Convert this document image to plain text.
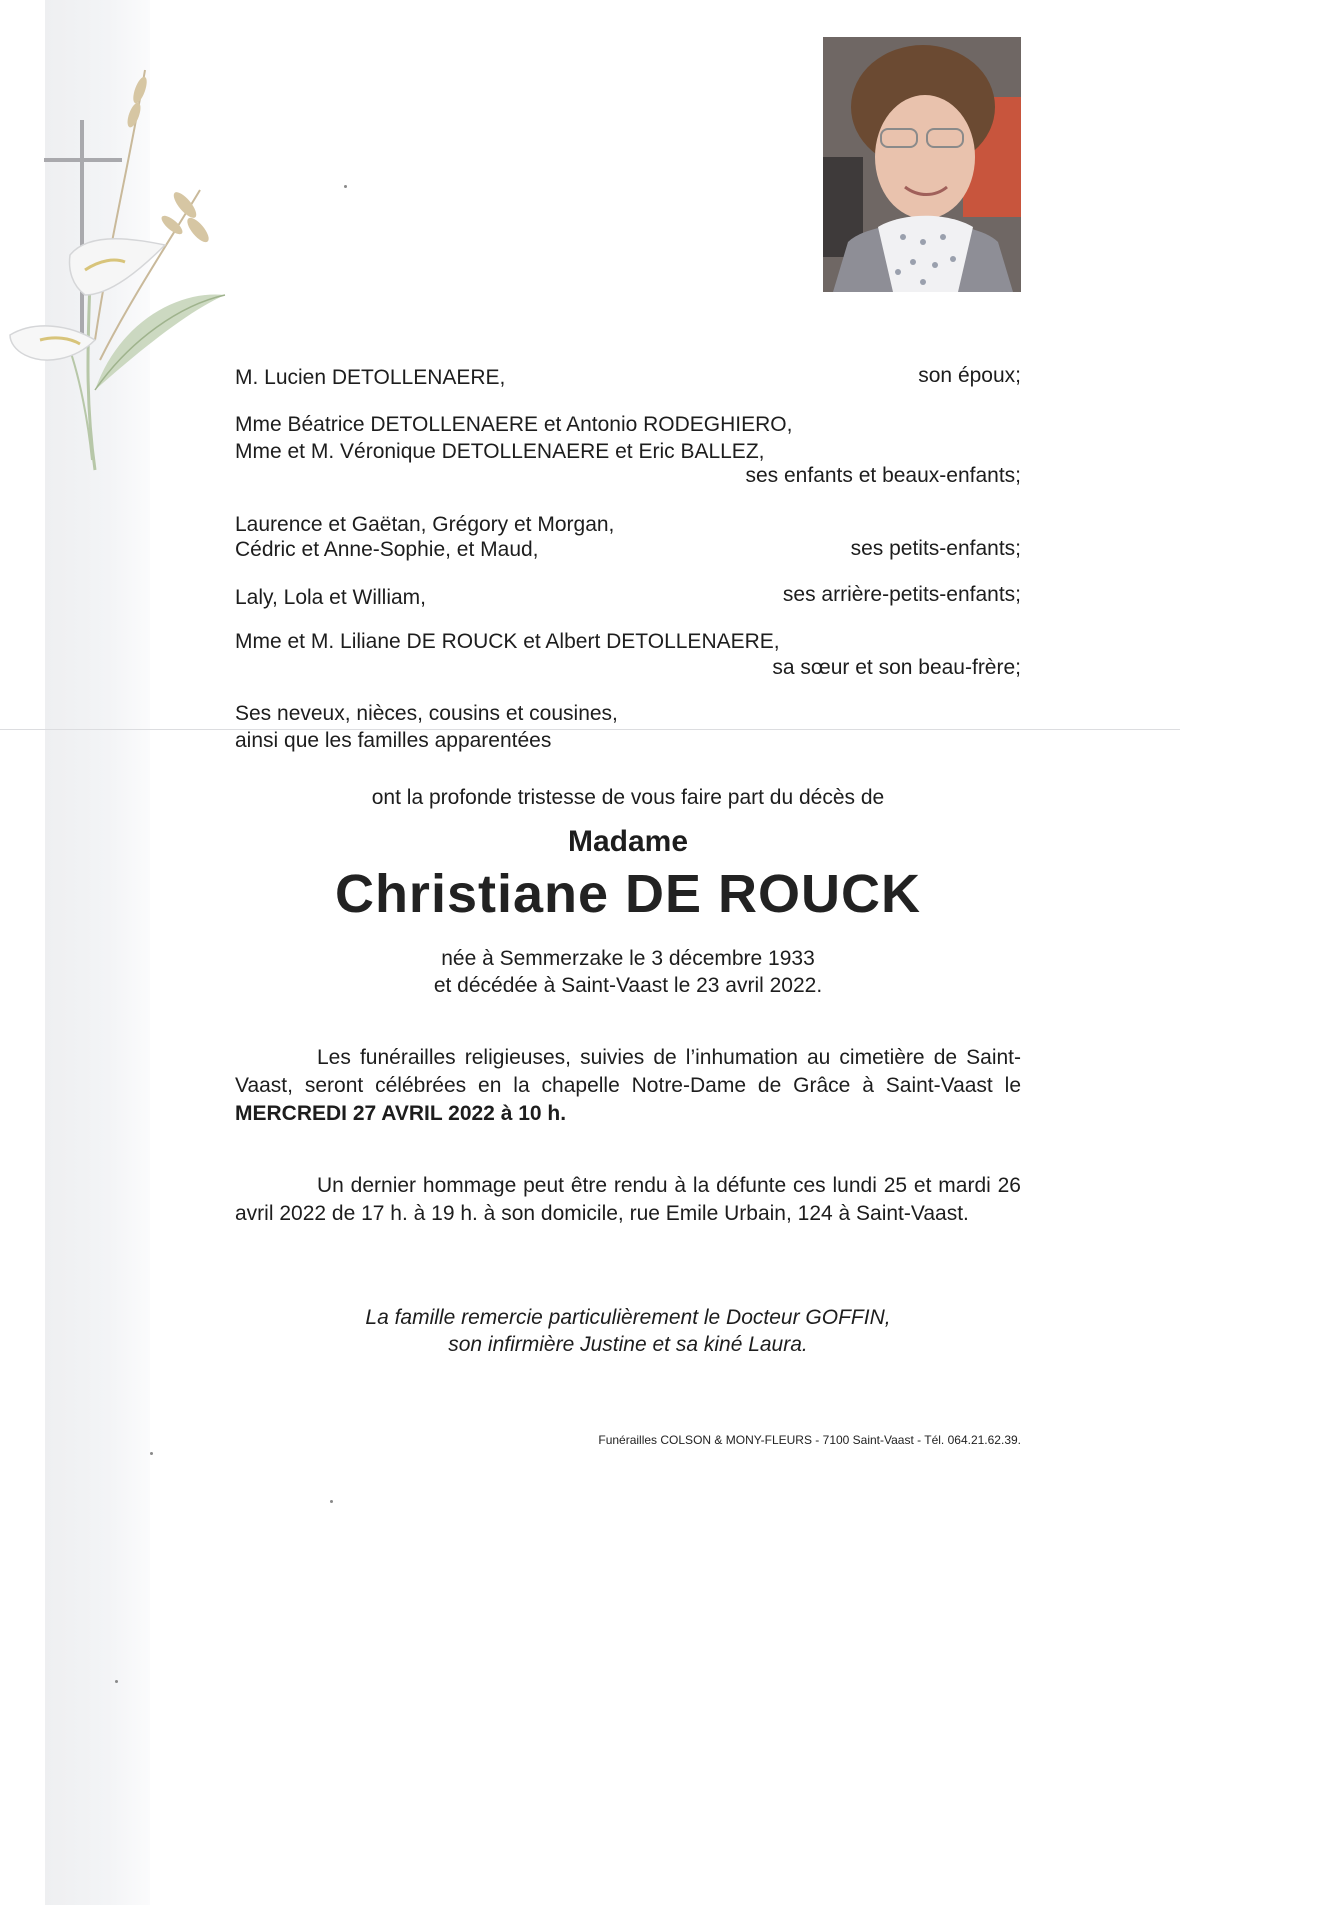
M. Lucien DETOLLENAERE,	son époux;
Mme Béatrice DETOLLENAERE et Antonio RODEGHIERO,
Mme et M. Véronique DETOLLENAERE et Eric BALLEZ,
ses enfants et beaux-enfants;
Laurence et Gaëtan, Grégory et Morgan,
Cédric et Anne-Sophie, et Maud,	ses petits-enfants;
Laly, Lola et William,	ses arrière-petits-enfants;
Mme et M. Liliane DE ROUCK et Albert DETOLLENAERE,
sa sœur et son beau-frère;
Ses neveux, nièces, cousins et cousines,
ainsi que les familles apparentées
ont la profonde tristesse de vous faire part du décès de
Madame
Christiane DE ROUCK
née à Semmerzake le 3 décembre 1933
et décédée à Saint-Vaast le 23 avril 2022.
Les funérailles religieuses, suivies de l’inhumation au cimetière de Saint-Vaast, seront célébrées en la chapelle Notre-Dame de Grâce à Saint-Vaast le MERCREDI 27 AVRIL 2022 à 10 h.
Un dernier hommage peut être rendu à la défunte ces lundi 25 et mardi 26 avril 2022 de 17 h. à 19 h. à son domicile, rue Emile Urbain, 124 à Saint-Vaast.
La famille remercie particulièrement le Docteur GOFFIN,
son infirmière Justine et sa kiné Laura.
Funérailles COLSON & MONY-FLEURS - 7100 Saint-Vaast - Tél. 064.21.62.39.
